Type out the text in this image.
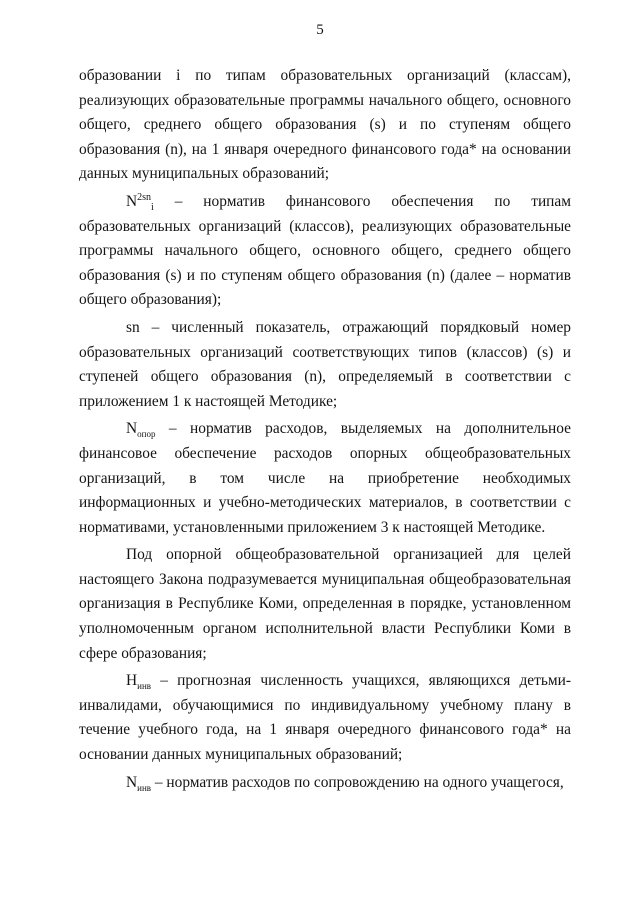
5

образовании i по типам образовательных организаций (классам), реализующих образовательные программы начального общего, основного общего, среднего общего образования (s) и по ступеням общего образования (n), на 1 января очередного финансового года* на основании данных муниципальных образований;

$N^{2sn}_i$ – норматив финансового обеспечения по типам образовательных организаций (классов), реализующих образовательные программы начального общего, основного общего, среднего общего образования (s) и по ступеням общего образования (n) (далее – норматив общего образования);

sn – численный показатель, отражающий порядковый номер образовательных организаций соответствующих типов (классов) (s) и ступеней общего образования (n), определяемый в соответствии с приложением 1 к настоящей Методике;

$N_{опор}$ – норматив расходов, выделяемых на дополнительное финансовое обеспечение расходов опорных общеобразовательных организаций, в том числе на приобретение необходимых информационных и учебно-методических материалов, в соответствии с нормативами, установленными приложением 3 к настоящей Методике.

Под опорной общеобразовательной организацией для целей настоящего Закона подразумевается муниципальная общеобразовательная организация в Республике Коми, определенная в порядке, установленном уполномоченным органом исполнительной власти Республики Коми в сфере образования;

$H_{инв}$ – прогнозная численность учащихся, являющихся детьми-инвалидами, обучающимися по индивидуальному учебному плану в течение учебного года, на 1 января очередного финансового года* на основании данных муниципальных образований;

$N_{инв}$ – норматив расходов по сопровождению на одного учащегося,
